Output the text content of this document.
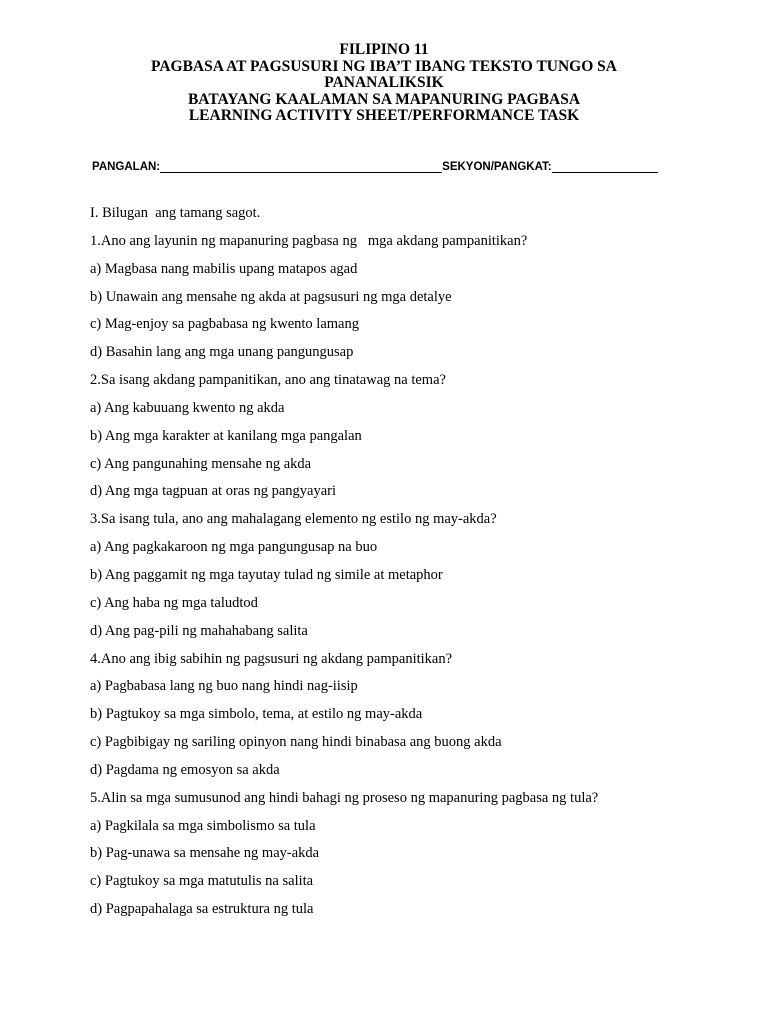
FILIPINO 11
PAGBASA AT PAGSUSURI NG IBA’T IBANG TEKSTO TUNGO SA
PANANALIKSIK
BATAYANG KAALAMAN SA MAPANURING PAGBASA
LEARNING ACTIVITY SHEET/PERFORMANCE TASK
PANGALAN:	SEKYON/PANGKAT:
I. Bilugan  ang tamang sagot.
1.Ano ang layunin ng mapanuring pagbasa ng   mga akdang pampanitikan?
a) Magbasa nang mabilis upang matapos agad
b) Unawain ang mensahe ng akda at pagsusuri ng mga detalye
c) Mag-enjoy sa pagbabasa ng kwento lamang
d) Basahin lang ang mga unang pangungusap
2.Sa isang akdang pampanitikan, ano ang tinatawag na tema?
a) Ang kabuuang kwento ng akda
b) Ang mga karakter at kanilang mga pangalan
c) Ang pangunahing mensahe ng akda
d) Ang mga tagpuan at oras ng pangyayari
3.Sa isang tula, ano ang mahalagang elemento ng estilo ng may-akda?
a) Ang pagkakaroon ng mga pangungusap na buo
b) Ang paggamit ng mga tayutay tulad ng simile at metaphor
c) Ang haba ng mga taludtod
d) Ang pag-pili ng mahahabang salita
4.Ano ang ibig sabihin ng pagsusuri ng akdang pampanitikan?
a) Pagbabasa lang ng buo nang hindi nag-iisip
b) Pagtukoy sa mga simbolo, tema, at estilo ng may-akda
c) Pagbibigay ng sariling opinyon nang hindi binabasa ang buong akda
d) Pagdama ng emosyon sa akda
5.Alin sa mga sumusunod ang hindi bahagi ng proseso ng mapanuring pagbasa ng tula?
a) Pagkilala sa mga simbolismo sa tula
b) Pag-unawa sa mensahe ng may-akda
c) Pagtukoy sa mga matutulis na salita
d) Pagpapahalaga sa estruktura ng tula
